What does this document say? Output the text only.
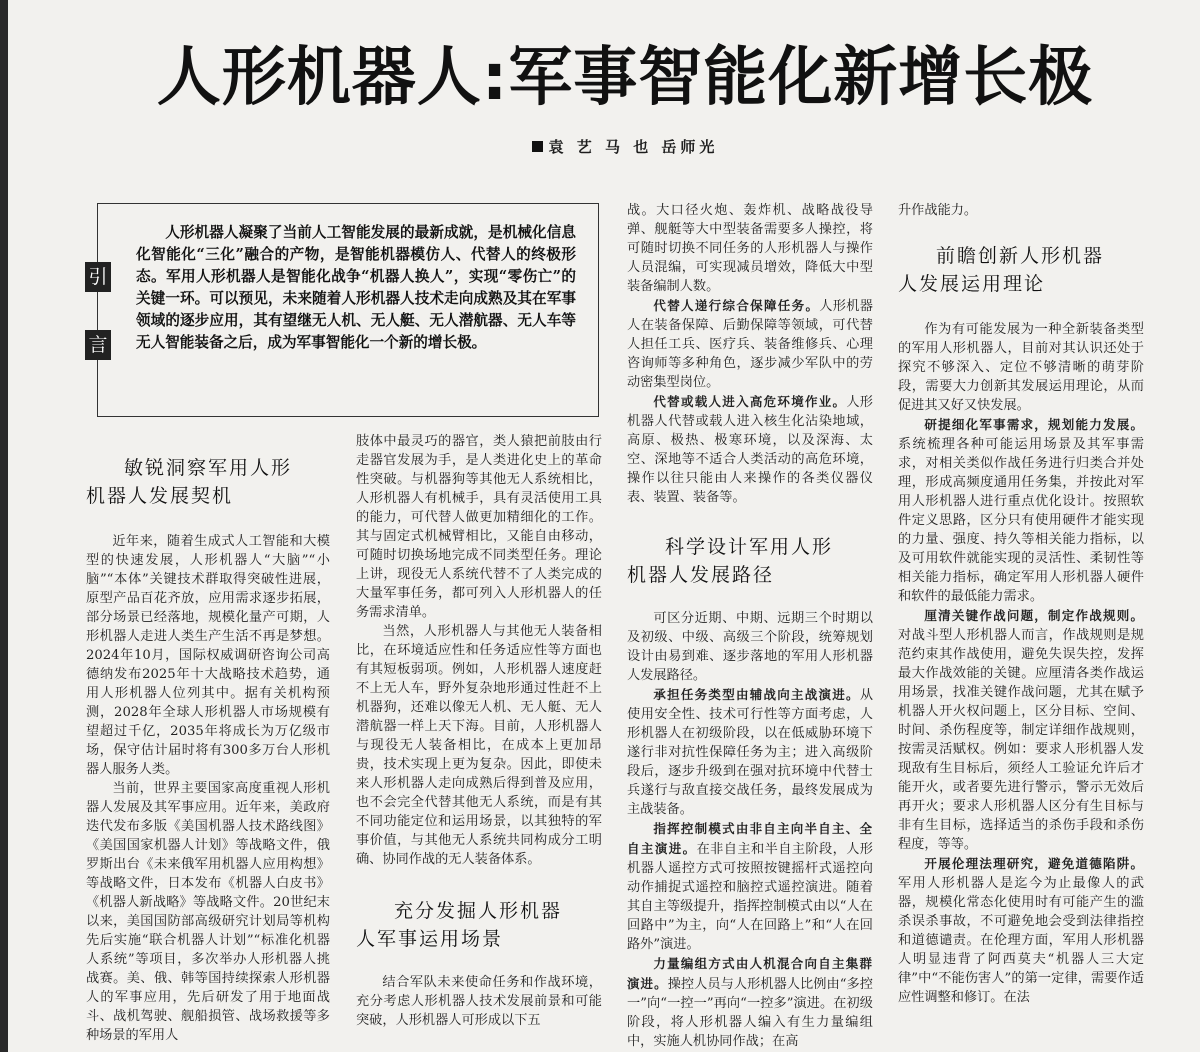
人形机器人:军事智能化新增长极
袁 艺 马 也 岳师光
引
言

人形机器人凝聚了当前人工智能发展的最新成就，是机械化信息化智能化“三化”融合的产物，是智能机器模仿人、代替人的终极形态。军用人形机器人是智能化战争“机器人换人”，实现“零伤亡”的关键一环。可以预见，未来随着人形机器人技术走向成熟及其在军事领域的逐步应用，其有望继无人机、无人艇、无人潜航器、无人车等无人智能装备之后，成为军事智能化一个新的增长极。

敏锐洞察军用人形
机器人发展契机

近年来，随着生成式人工智能和大模型的快速发展，人形机器人“大脑”“小脑”“本体”关键技术群取得突破性进展，原型产品百花齐放，应用需求逐步拓展，部分场景已经落地，规模化量产可期，人形机器人走进人类生产生活不再是梦想。2024年10月，国际权威调研咨询公司高德纳发布2025年十大战略技术趋势，通用人形机器人位列其中。据有关机构预测，2028年全球人形机器人市场规模有望超过千亿，2035年将成长为万亿级市场，保守估计届时将有300多万台人形机器人服务人类。

当前，世界主要国家高度重视人形机器人发展及其军事应用。近年来，美政府迭代发布多版《美国机器人技术路线图》《美国国家机器人计划》等战略文件，俄罗斯出台《未来俄军用机器人应用构想》等战略文件，日本发布《机器人白皮书》《机器人新战略》等战略文件。20世纪末以来，美国国防部高级研究计划局等机构先后实施“联合机器人计划”“标准化机器人系统”等项目，多次举办人形机器人挑战赛。美、俄、韩等国持续探索人形机器人的军事应用，先后研发了用于地面战斗、战机驾驶、舰船损管、战场救援等多种场景的军用人

肢体中最灵巧的器官，类人猿把前肢由行走器官发展为手，是人类进化史上的革命性突破。与机器狗等其他无人系统相比，人形机器人有机械手，具有灵活使用工具的能力，可代替人做更加精细化的工作。其与固定式机械臂相比，又能自由移动，可随时切换场地完成不同类型任务。理论上讲，现役无人系统代替不了人类完成的大量军事任务，都可列入人形机器人的任务需求清单。

当然，人形机器人与其他无人装备相比，在环境适应性和任务适应性等方面也有其短板弱项。例如，人形机器人速度赶不上无人车，野外复杂地形通过性赶不上机器狗，还难以像无人机、无人艇、无人潜航器一样上天下海。目前，人形机器人与现役无人装备相比，在成本上更加昂贵，技术实现上更为复杂。因此，即使未来人形机器人走向成熟后得到普及应用，也不会完全代替其他无人系统，而是有其不同功能定位和运用场景，以其独特的军事价值，与其他无人系统共同构成分工明确、协同作战的无人装备体系。

充分发掘人形机器
人军事运用场景

结合军队未来使命任务和作战环境，充分考虑人形机器人技术发展前景和可能突破，人形机器人可形成以下五

战。大口径火炮、轰炸机、战略战役导弹、舰艇等大中型装备需要多人操控，将可随时切换不同任务的人形机器人与操作人员混编，可实现减员增效，降低大中型装备编制人数。

代替人递行综合保障任务。人形机器人在装备保障、后勤保障等领域，可代替人担任工兵、医疗兵、装备维修兵、心理咨询师等多种角色，逐步减少军队中的劳动密集型岗位。

代替或载人进入高危环境作业。人形机器人代替或载人进入核生化沾染地域，高原、极热、极寒环境，以及深海、太空、深地等不适合人类活动的高危环境，操作以往只能由人来操作的各类仪器仪表、装置、装备等。

科学设计军用人形
机器人发展路径

可区分近期、中期、远期三个时期以及初级、中级、高级三个阶段，统筹规划设计由易到难、逐步落地的军用人形机器人发展路径。

承担任务类型由辅战向主战演进。从使用安全性、技术可行性等方面考虑，人形机器人在初级阶段，以在低威胁环境下遂行非对抗性保障任务为主；进入高级阶段后，逐步升级到在强对抗环境中代替士兵遂行与敌直接交战任务，最终发展成为主战装备。

指挥控制模式由非自主向半自主、全自主演进。在非自主和半自主阶段，人形机器人遥控方式可按照按键摇杆式遥控向动作捕捉式遥控和脑控式遥控演进。随着其自主等级提升，指挥控制模式由以“人在回路中”为主，向“人在回路上”和“人在回路外”演进。

力量编组方式由人机混合向自主集群演进。操控人员与人形机器人比例由“多控一”向“一控一”再向“一控多”演进。在初级阶段，将人形机器人编入有生力量编组中，实施人机协同作战；在高

升作战能力。

前瞻创新人形机器
人发展运用理论

作为有可能发展为一种全新装备类型的军用人形机器人，目前对其认识还处于探究不够深入、定位不够清晰的萌芽阶段，需要大力创新其发展运用理论，从而促进其又好又快发展。

研提细化军事需求，规划能力发展。系统梳理各种可能运用场景及其军事需求，对相关类似作战任务进行归类合并处理，形成高频度通用任务集，并按此对军用人形机器人进行重点优化设计。按照软件定义思路，区分只有使用硬件才能实现的力量、强度、持久等相关能力指标，以及可用软件就能实现的灵活性、柔韧性等相关能力指标，确定军用人形机器人硬件和软件的最低能力需求。

厘清关键作战问题，制定作战规则。对战斗型人形机器人而言，作战规则是规范约束其作战使用，避免失误失控，发挥最大作战效能的关键。应厘清各类作战运用场景，找准关键作战问题，尤其在赋予机器人开火权问题上，区分目标、空间、时间、杀伤程度等，制定详细作战规则，按需灵活赋权。例如：要求人形机器人发现敌有生目标后，须经人工验证允许后才能开火，或者要先进行警示，警示无效后再开火；要求人形机器人区分有生目标与非有生目标，选择适当的杀伤手段和杀伤程度，等等。

开展伦理法理研究，避免道德陷阱。军用人形机器人是迄今为止最像人的武器，规模化常态化使用时有可能产生的滥杀误杀事故，不可避免地会受到法律指控和道德谴责。在伦理方面，军用人形机器人明显违背了阿西莫夫“机器人三大定律”中“不能伤害人”的第一定律，需要作适应性调整和修订。在法
